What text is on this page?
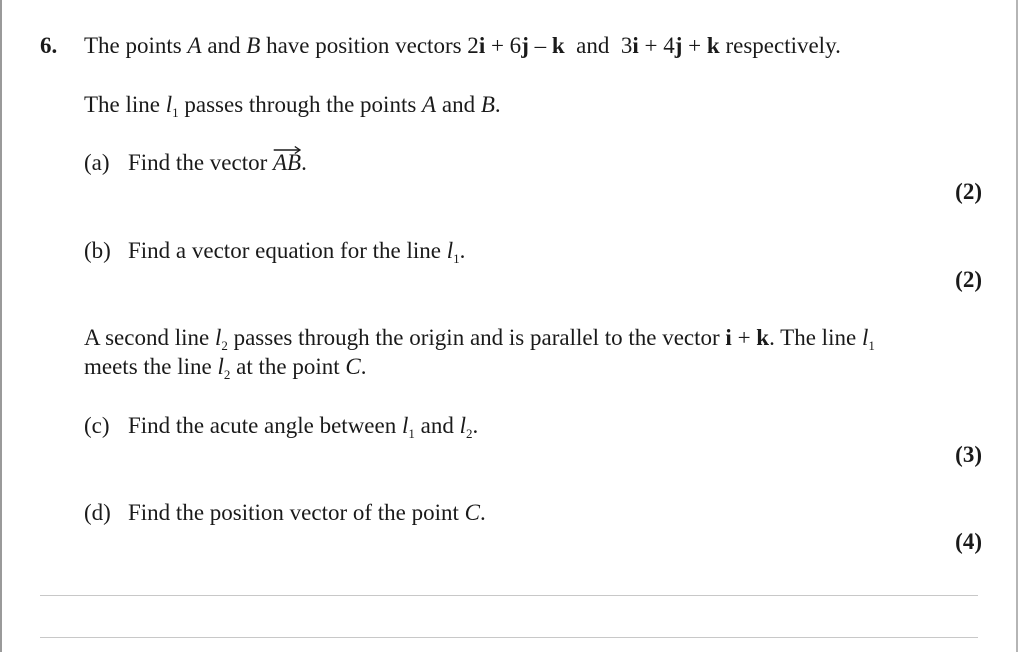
6. The points A and B have position vectors 2i + 6j – k  and  3i + 4j + k respectively.
The line $l_1$ passes through the points A and B.
(a) Find the vector AB
.
(2)
(b) Find a vector equation for the line $l_1$.
(2)
A second line $l_2$ passes through the origin and is parallel to the vector i + k. The line $l_1$
meets the line $l_2$ at the point C.
(c) Find the acute angle between $l_1$ and $l_2$.
(3)
(d) Find the position vector of the point C.
(4)
